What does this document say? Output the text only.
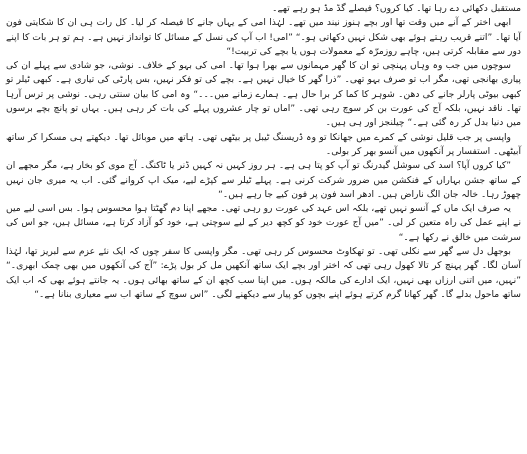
مستقبل دکھائی دے رہا تھا۔ کیا کروں؟ فیصلے گڈ مڈ ہو رہے تھے۔

ابھی اختر کے آنے میں وقت تھا اور بچے ہنوز نیند میں تھے۔ لہٰذا امی کے یہاں جانے کا فیصلہ کر لیا۔ کل رات ہی ان کا شکایتی فون آیا تھا۔ ”اتنے قریب رہتے ہوئے بھی شکل نہیں دکھاتی ہو۔“ ”امی! اب آپ کی نسل کے مسائل کا توانداز نہیں ہے۔ ہم تو ہر بات کا اپنے دور سے مقابلہ کرتی ہیں، چاہے روزمرّہ کے معمولات ہوں یا بچے کی تربیت!“

سوچوں میں جب وہ وہاں پہنچی تو ان کا گھر مہمانوں سے بھرا ہوا تھا۔ امی کی بہو کے خلاف۔ نوشی، جو شادی سے پہلے ان کی پیاری بھانجی تھی، مگر اب تو صرف بہو تھی۔ ”ذرا گھر کا خیال نہیں ہے۔ بچے کی تو فکر نہیں، بس پارٹی کی تیاری ہے۔ کبھی ٹیلر تو کبھی بیوٹی پارلر جانے کی دھن۔ شوہر کا کما کر برا حال ہے۔ ہمارے زمانے میں۔۔۔“ وہ امی کا بیان سنتی رہی۔ نوشی پر ترس آرہا تھا۔ ناقد نہیں، بلکہ آج کی عورت بن کر سوچ رہی تھی۔ ”اماں تو چار عشروں پہلے کی بات کر رہی ہیں۔ یہاں تو پانچ بچے برسوں میں دنیا بدل کر رہ گئی ہے۔“ چیلنجز اور ہی ہیں۔

واپسی پر جب قلیل نوشی کے کمرے میں جھانکا تو وہ ڈریسنگ ٹیبل پر بیٹھی تھی۔ ہاتھ میں موبائل تھا۔ دیکھتے ہی مسکرا کر ساتھ آبیٹھی۔ استفسار پر آنکھوں میں آنسو بھر کر بولی۔

”کیا کروں آپا؟ اسد کی سوشل گیدرنگ تو آپ کو پتا ہی ہے۔ ہر روز کہیں نہ کہیں ڈنر یا ٹاکنگ۔ آج موی کو بخار ہے، مگر مجھے ان کے ساتھ جشن بہاراں کے فنکشن میں ضرور شرکت کرنی ہے۔ پہلے ٹیلر سے کپڑے لیے، میک اپ کروانے گئی۔ اب یہ میری جان نہیں چھوڑ رہا۔ خالہ جان الگ ناراض ہیں۔ ادھر اسد فون پر فون کیے جا رہے ہیں۔“

یہ صرف ایک ماں کے آنسو نہیں تھے، بلکہ اس عہد کی عورت رو رہی تھی۔ مجھے اپنا دم گھٹتا ہوا محسوس ہوا۔ بس اسی لیے میں نے اپنے عمل کی راہ متعین کر لی۔ ”میں آج عورت خود کو کچھ دیر کے لیے سوچتی ہے، خود کو آزاد کرتا ہے، مسائل ہیں، جو اس کی سرشت میں خالق نے رکھا ہے۔“

بوجھل دل سے گھر سے نکلی تھی۔ تو تھکاوٹ محسوس کر رہی تھی۔ مگر واپسی کا سفر چوں کہ ایک نئے عزم سے لبریز تھا، لہٰذا آسان لگا۔ گھر پہنچ کر تالا کھول رہی تھی کہ اختر اور بچے ایک ساتھ آنکھیں مل کر بول پڑے: ”آج کی آنکھوں میں بھی چمک ابھری۔“ ”نہیں، میں اتنی ارزاں بھی نہیں، ایک ادارے کی مالکہ ہوں۔ میں اپنا سب کچھ ان کے ساتھ بھائی ہوں۔ یہ جانتے ہوئے بھی کہ اب ایک ساتھ ماحول بدلے گا۔ گھر کھانا گرم کرتے ہوئے اپنے بچوں کو پیار سے دیکھنے لگی۔ ”اس سوچ کے ساتھ اب سے معیاری بنانا ہے۔“
